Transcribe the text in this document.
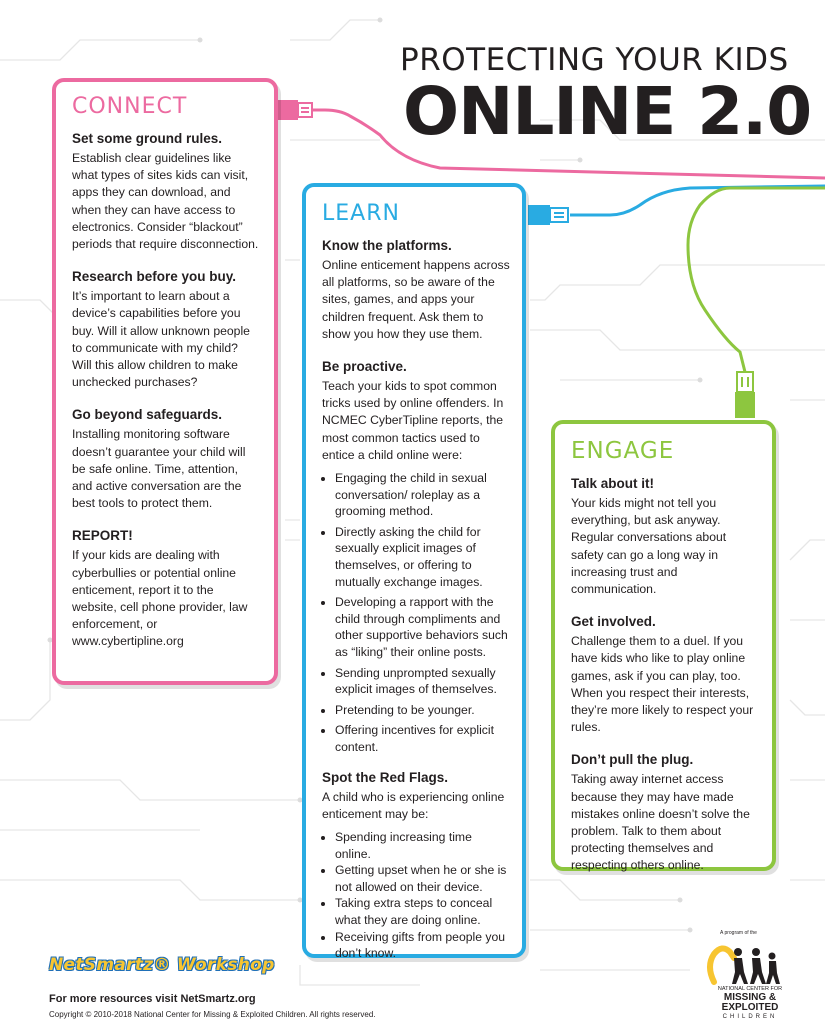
PROTECTING YOUR KIDS
ONLINE 2.0
CONNECT
Set some ground rules.

Establish clear guidelines like what types of sites kids can visit, apps they can download, and when they can have access to electronics. Consider “blackout” periods that require disconnection.

Research before you buy.

It’s important to learn about a device’s capabilities before you buy. Will it allow unknown people to communicate with my child? Will this allow children to make unchecked purchases?

Go beyond safeguards.

Installing monitoring software doesn’t guarantee your child will be safe online. Time, attention, and active conversation are the best tools to protect them.

REPORT!

If your kids are dealing with cyberbullies or potential online enticement, report it to the website, cell phone provider, law enforcement, or www.cybertipline.org

LEARN
Know the platforms.

Online enticement happens across all platforms, so be aware of the sites, games, and apps your children frequent. Ask them to show you how they use them.

Be proactive.

Teach your kids to spot common tricks used by online offenders. In NCMEC CyberTipline reports, the most common tactics used to entice a child online were:

• Engaging the child in sexual conversation/ roleplay as a grooming method.
• Directly asking the child for sexually explicit images of themselves, or offering to mutually exchange images.
• Developing a rapport with the child through compliments and other supportive behaviors such as “liking” their online posts.
• Sending unprompted sexually explicit images of themselves.
• Pretending to be younger.
• Offering incentives for explicit content.
Spot the Red Flags.

A child who is experiencing online enticement may be:

• Spending increasing time online.
• Getting upset when he or she is not allowed on their device.
• Taking extra steps to conceal what they are doing online.
• Receiving gifts from people you don’t know.
ENGAGE
Talk about it!

Your kids might not tell you everything, but ask anyway. Regular conversations about safety can go a long way in increasing trust and communication.

Get involved.

Challenge them to a duel. If you have kids who like to play online games, ask if you can play, too. When you respect their interests, they’re more likely to respect your rules.

Don’t pull the plug.

Taking away internet access because they may have made mistakes online doesn’t solve the problem. Talk to them about protecting themselves and respecting others online.

NetSmartz® Workshop
For more resources visit NetSmartz.org
Copyright © 2010-2018 National Center for Missing & Exploited Children. All rights reserved.
A program of the
NATIONAL CENTER FOR
MISSING & EXPLOITED
CHILDREN
